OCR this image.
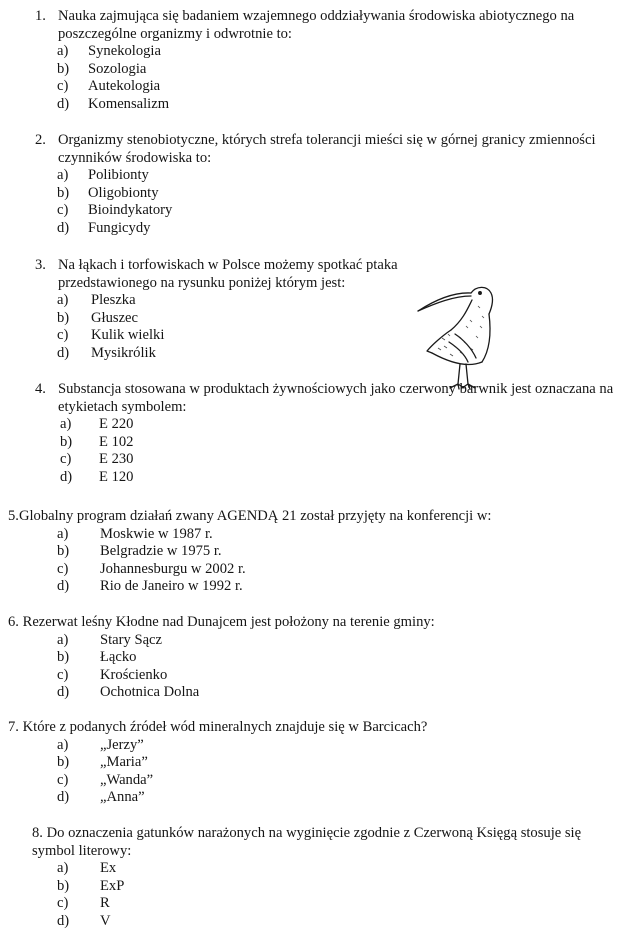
1. Nauka zajmująca się badaniem wzajemnego oddziaływania środowiska abiotycznego na poszczególne organizmy i odwrotnie to:
a) Synekologia
b) Sozologia
c) Autekologia
d) Komensalizm
2. Organizmy stenobiotyczne, których strefa tolerancji mieści się w górnej granicy zmienności czynników środowiska to:
a) Polibionty
b) Oligobionty
c) Bioindykatory
d) Fungicydy
3. Na łąkach i torfowiskach w Polsce możemy spotkać ptaka przedstawionego na rysunku poniżej którym jest:
a) Pleszka
b) Głuszec
c) Kulik wielki
d) Mysikrólik
4. Substancja stosowana w produktach żywnościowych jako czerwony barwnik jest oznaczana na etykietach symbolem:
a) E 220
b) E 102
c) E 230
d) E 120
5.Globalny program działań zwany AGENDĄ 21 został przyjęty na konferencji w:
a) Moskwie w 1987 r.
b) Belgradzie w 1975 r.
c) Johannesburgu w 2002 r.
d) Rio de Janeiro w 1992 r.
6. Rezerwat leśny Kłodne nad Dunajcem jest położony na terenie gminy:
a) Stary Sącz
b) Łącko
c) Krościenko
d) Ochotnica Dolna
7. Które z podanych źródeł wód mineralnych znajduje się w Barcicach?
a) „Jerzy”
b) „Maria”
c) „Wanda”
d) „Anna”
8. Do oznaczenia gatunków narażonych na wyginięcie zgodnie z Czerwoną Księgą stosuje się symbol literowy:
a) Ex
b) ExP
c) R
d) V
